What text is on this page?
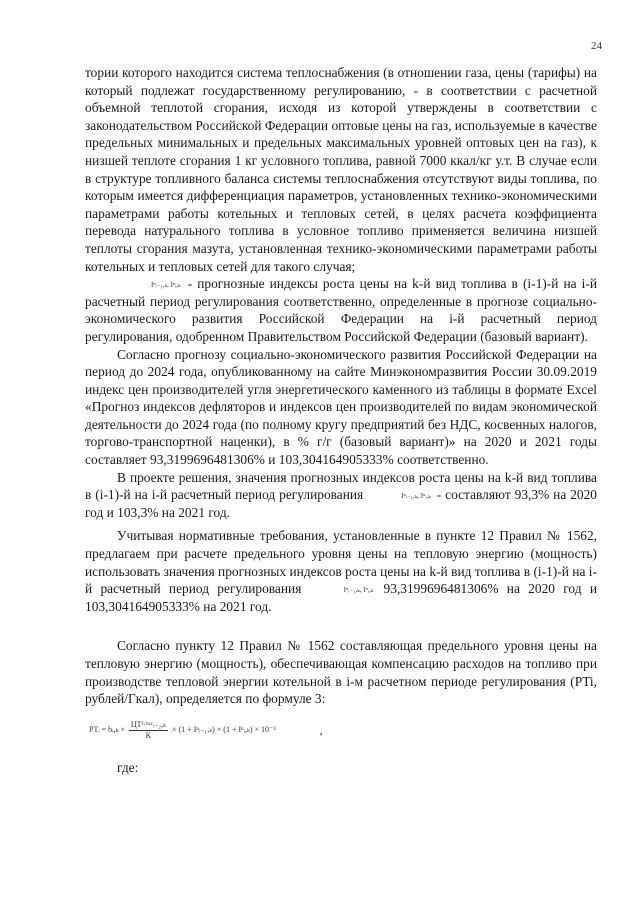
24

тории которого находится система теплоснабжения (в отношении газа, цены (тарифы) на который подлежат государственному регулированию, - в соответствии с расчетной объемной теплотой сгорания, исходя из которой утверждены в соответствии с законодательством Российской Федерации оптовые цены на газ, используемые в качестве предельных минимальных и предельных максимальных уровней оптовых цен на газ), к низшей теплоте сгорания 1 кг условного топлива, равной 7000 ккал/кг у.т. В случае если в структуре топливного баланса системы теплоснабжения отсутствуют виды топлива, по которым имеется дифференциация параметров, установленных технико-экономическими параметрами работы котельных и тепловых сетей, в целях расчета коэффициента перевода натурального топлива в условное топливо применяется величина низшей теплоты сгорания мазута, установленная технико-экономическими параметрами работы котельных и тепловых сетей для такого случая;

Iⁿᵢ₋₁,ₖ, Iⁿᵢ,ₖ - прогнозные индексы роста цены на k-й вид топлива в (i-1)-й на i-й расчетный период регулирования соответственно, определенные в прогнозе социально-экономического развития Российской Федерации на i-й расчетный период регулирования, одобренном Правительством Российской Федерации (базовый вариант).

Согласно прогнозу социально-экономического развития Российской Федерации на период до 2024 года, опубликованному на сайте Минэкономразвития России 30.09.2019 индекс цен производителей угля энергетического каменного из таблицы в формате Excel «Прогноз индексов дефляторов и индексов цен производителей по видам экономической деятельности до 2024 года (по полному кругу предприятий без НДС, косвенных налогов, торгово-транспортной наценки), в % г/г (базовый вариант)» на 2020 и 2021 годы составляет 93,3199696481306% и 103,304164905333% соответственно.

В проекте решения, значения прогнозных индексов роста цены на k-й вид топлива в (i-1)-й на i-й расчетный период регулирования	Iⁿᵢ₋₁,ₖ, Iⁿᵢ,ₖ - составляют 93,3% на 2020 год и 103,3% на 2021 год.

Учитывая нормативные требования, установленные в пункте 12 Правил № 1562, предлагаем при расчете предельного уровня цены на тепловую энергию (мощность) использовать значения прогнозных индексов роста цены на k-й вид топлива в (i-1)-й на i-й расчетный период регулирования	Iⁿᵢ₋₁,ₖ, Iⁿᵢ,ₖ 93,3199696481306% на 2020 год и 103,304164905333% на 2021 год.

Согласно пункту 12 Правил № 1562 составляющая предельного уровня цены на тепловую энергию (мощность), обеспечивающая компенсацию расходов на топливо при производстве тепловой энергии котельной в i-м расчетном периоде регулирования (PTi, рублей/Гкал), определяется по формуле 3:

PTᵢ = bᵢ,ₖ × $\frac{\text{ЦТᶠ·ᵇᵃᶻᵢ₋₂,ₖ}}{K} \times (1$ + Iⁿᵢ₋₁,ₖ) × (1 + Iⁿᵢ,ₖ) × 10⁻³	,

где:
